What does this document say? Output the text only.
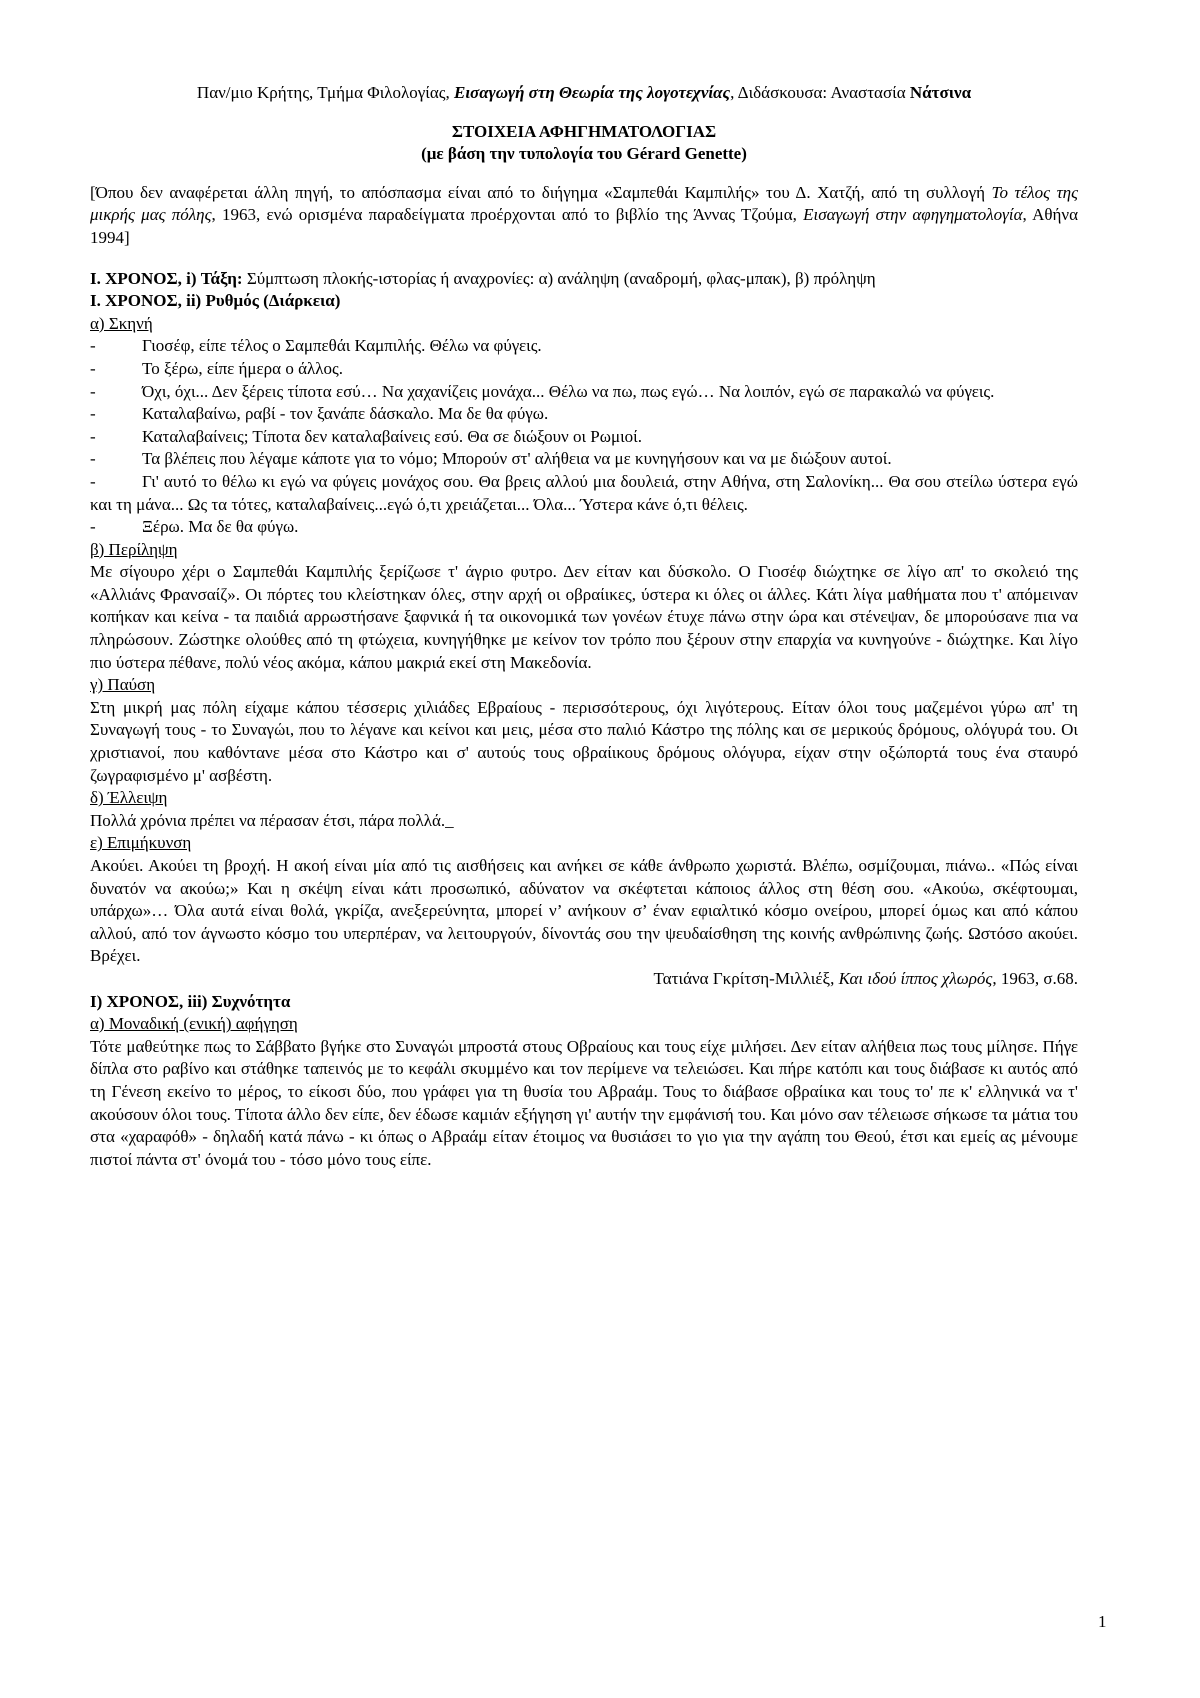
Παν/μιο Κρήτης, Τμήμα Φιλολογίας, Εισαγωγή στη Θεωρία της λογοτεχνίας, Διδάσκουσα: Αναστασία Νάτσινα

ΣΤΟΙΧΕΙΑ ΑΦΗΓΗΜΑΤΟΛΟΓΙΑΣ

(με βάση την τυπολογία του Gérard Genette)

[Όπου δεν αναφέρεται άλλη πηγή, το απόσπασμα είναι από το διήγημα «Σαμπεθάι Καμπιλής» του Δ. Χατζή, από τη συλλογή Το τέλος της μικρής μας πόλης, 1963, ενώ ορισμένα παραδείγματα προέρχονται από το βιβλίο της Άννας Τζούμα, Εισαγωγή στην αφηγηματολογία, Αθήνα 1994]

Ι. ΧΡΟΝΟΣ, i) Τάξη: Σύμπτωση πλοκής-ιστορίας ή αναχρονίες: α) ανάληψη (αναδρομή, φλας-μπακ), β) πρόληψη

Ι. ΧΡΟΝΟΣ, ii) Ρυθμός (Διάρκεια)

α) Σκηνή

-	Γιοσέφ, είπε τέλος ο Σαμπεθάι Καμπιλής. Θέλω να φύγεις.

-	Το ξέρω, είπε ήμερα ο άλλος.

-	Όχι, όχι... Δεν ξέρεις τίποτα εσύ… Να χαχανίζεις μονάχα... Θέλω να πω, πως εγώ… Να λοιπόν, εγώ σε παρακαλώ να φύγεις.

-	Καταλαβαίνω, ραβί - τον ξανάπε δάσκαλο. Μα δε θα φύγω.

-	Καταλαβαίνεις; Τίποτα δεν καταλαβαίνεις εσύ. Θα σε διώξουν οι Ρωμιοί.

-	Τα βλέπεις που λέγαμε κάποτε για το νόμο; Μπορούν στ' αλήθεια να με κυνηγήσουν και να με διώξουν αυτοί.

-	Γι' αυτό το θέλω κι εγώ να φύγεις μονάχος σου. Θα βρεις αλλού μια δουλειά, στην Αθήνα, στη Σαλονίκη... Θα σου στείλω ύστερα εγώ και τη μάνα... Ως τα τότες, καταλαβαίνεις...εγώ ό,τι χρειάζεται... Όλα... Ύστερα κάνε ό,τι θέλεις.

-	Ξέρω. Μα δε θα φύγω.

β) Περίληψη

Με σίγουρο χέρι ο Σαμπεθάι Καμπιλής ξερίζωσε τ' άγριο φυτρο. Δεν είταν και δύσκολο. Ο Γιοσέφ διώχτηκε σε λίγο απ' το σκολειό της «Αλλιάνς Φρανσαίζ». Οι πόρτες του κλείστηκαν όλες, στην αρχή οι οβραίικες, ύστερα κι όλες οι άλλες. Κάτι λίγα μαθήματα που τ' απόμειναν κοπήκαν και κείνα - τα παιδιά αρρωστήσανε ξαφνικά ή τα οικονομικά των γονέων έτυχε πάνω στην ώρα και στένεψαν, δε μπορούσανε πια να πληρώσουν. Ζώστηκε ολούθες από τη φτώχεια, κυνηγήθηκε με κείνον τον τρόπο που ξέρουν στην επαρχία να κυνηγούνε - διώχτηκε. Και λίγο πιο ύστερα πέθανε, πολύ νέος ακόμα, κάπου μακριά εκεί στη Μακεδονία.

γ) Παύση

Στη μικρή μας πόλη είχαμε κάπου τέσσερις χιλιάδες Εβραίους - περισσότερους, όχι λιγότερους. Είταν όλοι τους μαζεμένοι γύρω απ' τη Συναγωγή τους - το Συναγώι, που το λέγανε και κείνοι και μεις, μέσα στο παλιό Κάστρο της πόλης και σε μερικούς δρόμους, ολόγυρά του. Οι χριστιανοί, που καθόντανε μέσα στο Κάστρο και σ' αυτούς τους οβραίικους δρόμους ολόγυρα, είχαν στην οξώπορτά τους ένα σταυρό ζωγραφισμένο μ' ασβέστη.

δ) Έλλειψη

Πολλά χρόνια πρέπει να πέρασαν έτσι, πάρα πολλά._

ε) Επιμήκυνση

Ακούει. Ακούει τη βροχή. Η ακοή είναι μία από τις αισθήσεις και ανήκει σε κάθε άνθρωπο χωριστά. Βλέπω, οσμίζουμαι, πιάνω.. «Πώς είναι δυνατόν να ακούω;» Και η σκέψη είναι κάτι προσωπικό, αδύνατον να σκέφτεται κάποιος άλλος στη θέση σου. «Ακούω, σκέφτουμαι, υπάρχω»… Όλα αυτά είναι θολά, γκρίζα, ανεξερεύνητα, μπορεί ν’ ανήκουν σ’ έναν εφιαλτικό κόσμο ονείρου, μπορεί όμως και από κάπου αλλού, από τον άγνωστο κόσμο του υπερπέραν, να λειτουργούν, δίνοντάς σου την ψευδαίσθηση της κοινής ανθρώπινης ζωής. Ωστόσο ακούει. Βρέχει.

Τατιάνα Γκρίτση-Μιλλιέξ, Και ιδού ίππος χλωρός, 1963, σ.68.

Ι) ΧΡΟΝΟΣ, iii) Συχνότητα

α) Μοναδική (ενική) αφήγηση

Τότε μαθεύτηκε πως το Σάββατο βγήκε στο Συναγώι μπροστά στους Οβραίους και τους είχε μιλήσει. Δεν είταν αλήθεια πως τους μίλησε. Πήγε δίπλα στο ραβίνο και στάθηκε ταπεινός με το κεφάλι σκυμμένο και τον περίμενε να τελειώσει. Και πήρε κατόπι και τους διάβασε κι αυτός από τη Γένεση εκείνο το μέρος, το είκοσι δύο, που γράφει για τη θυσία του Αβραάμ. Τους το διάβασε οβραίικα και τους το' πε κ' ελληνικά να τ' ακούσουν όλοι τους. Τίποτα άλλο δεν είπε, δεν έδωσε καμιάν εξήγηση γι' αυτήν την εμφάνισή του. Και μόνο σαν τέλειωσε σήκωσε τα μάτια του στα «χαραφόθ» - δηλαδή κατά πάνω - κι όπως ο Αβραάμ είταν έτοιμος να θυσιάσει το γιο για την αγάπη του Θεού, έτσι και εμείς ας μένουμε πιστοί πάντα στ' όνομά του - τόσο μόνο τους είπε.

1
